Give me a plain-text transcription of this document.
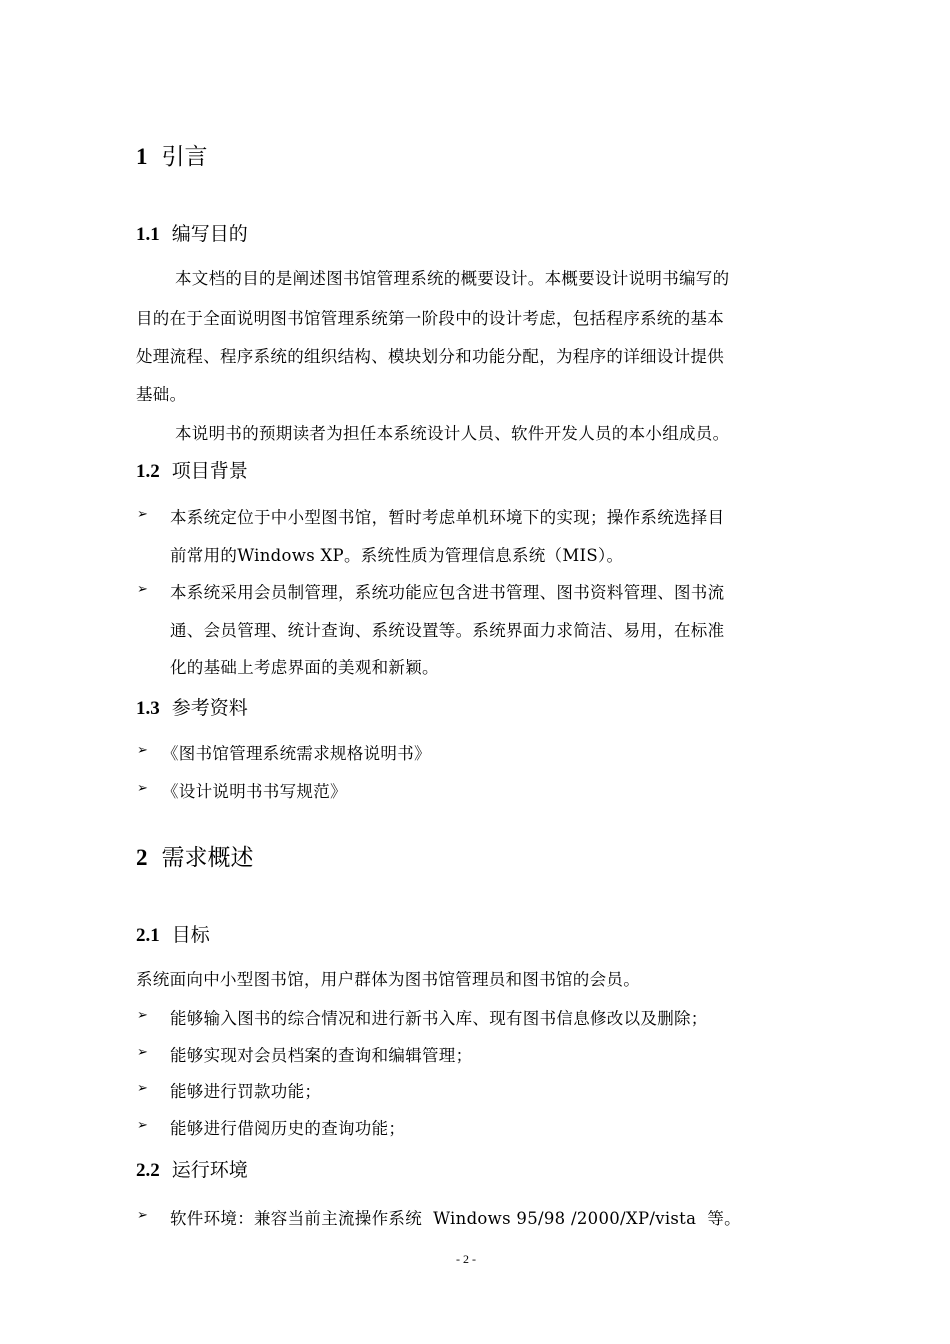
1 引言
1.1 编写目的
本文档的目的是阐述图书馆管理系统的概要设计。本概要设计说明书编写的
目的在于全面说明图书馆管理系统第一阶段中的设计考虑，包括程序系统的基本
处理流程、程序系统的组织结构、模块划分和功能分配，为程序的详细设计提供
基础。
本说明书的预期读者为担任本系统设计人员、软件开发人员的本小组成员。
1.2 项目背景
➢ 本系统定位于中小型图书馆，暂时考虑单机环境下的实现；操作系统选择目
前常用的Windows XP。系统性质为管理信息系统（MIS）。
➢ 本系统采用会员制管理，系统功能应包含进书管理、图书资料管理、图书流
通、会员管理、统计查询、系统设置等。系统界面力求简洁、易用，在标准
化的基础上考虑界面的美观和新颖。
1.3 参考资料
➢ 《图书馆管理系统需求规格说明书》
➢ 《设计说明书书写规范》
2 需求概述
2.1 目标
系统面向中小型图书馆，用户群体为图书馆管理员和图书馆的会员。
➢ 能够输入图书的综合情况和进行新书入库、现有图书信息修改以及删除；
➢ 能够实现对会员档案的查询和编辑管理；
➢ 能够进行罚款功能；
➢ 能够进行借阅历史的查询功能；
2.2 运行环境
➢ 软件环境：兼容当前主流操作系统  Windows 95/98 /2000/XP/vista  等。
- 2 -
